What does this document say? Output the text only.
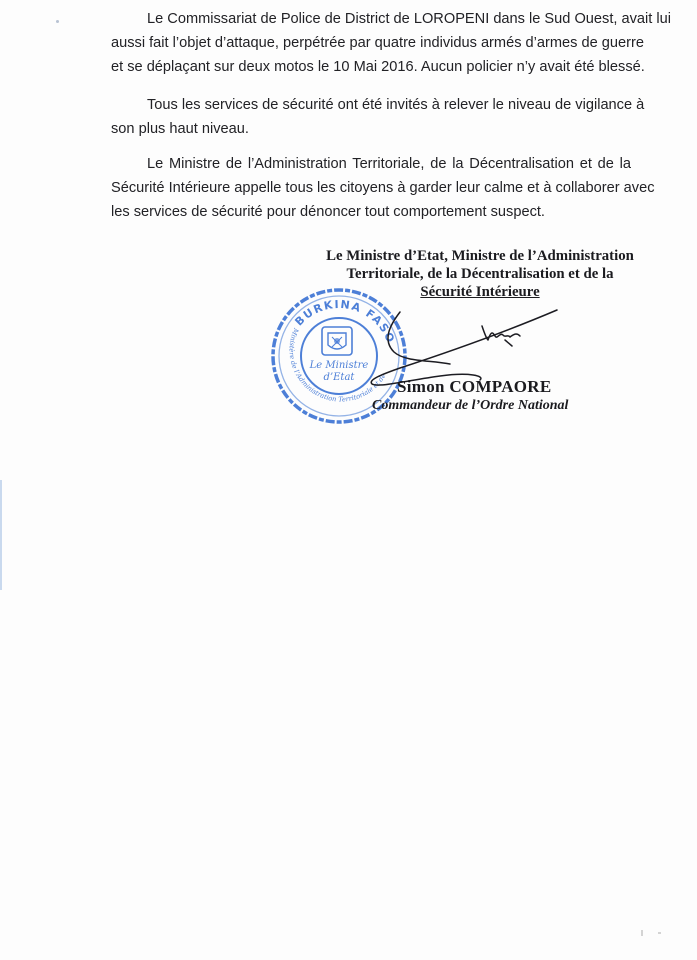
Le Commissariat de Police de District de LOROPENI dans le Sud Ouest, avait lui
aussi fait l’objet d’attaque, perpétrée par quatre individus armés d’armes de guerre
et se déplaçant sur deux motos le 10 Mai 2016. Aucun policier n’y avait été blessé.
Tous les services de sécurité ont été invités à relever le niveau de vigilance à
son plus haut niveau.
Le Ministre de l’Administration Territoriale, de la Décentralisation et de la
Sécurité Intérieure appelle tous les citoyens à garder leur calme et à collaborer avec
les services de sécurité pour dénoncer tout comportement suspect.
Le Ministre d’Etat, Ministre de l’Administration
Territoriale, de la Décentralisation et de la
Sécurité Intérieure
BURKINA FASO
Ministère de l’Administration Territoriale et de
Le Ministre
d’Etat	Simon COMPAORE
Commandeur de l’Ordre National
